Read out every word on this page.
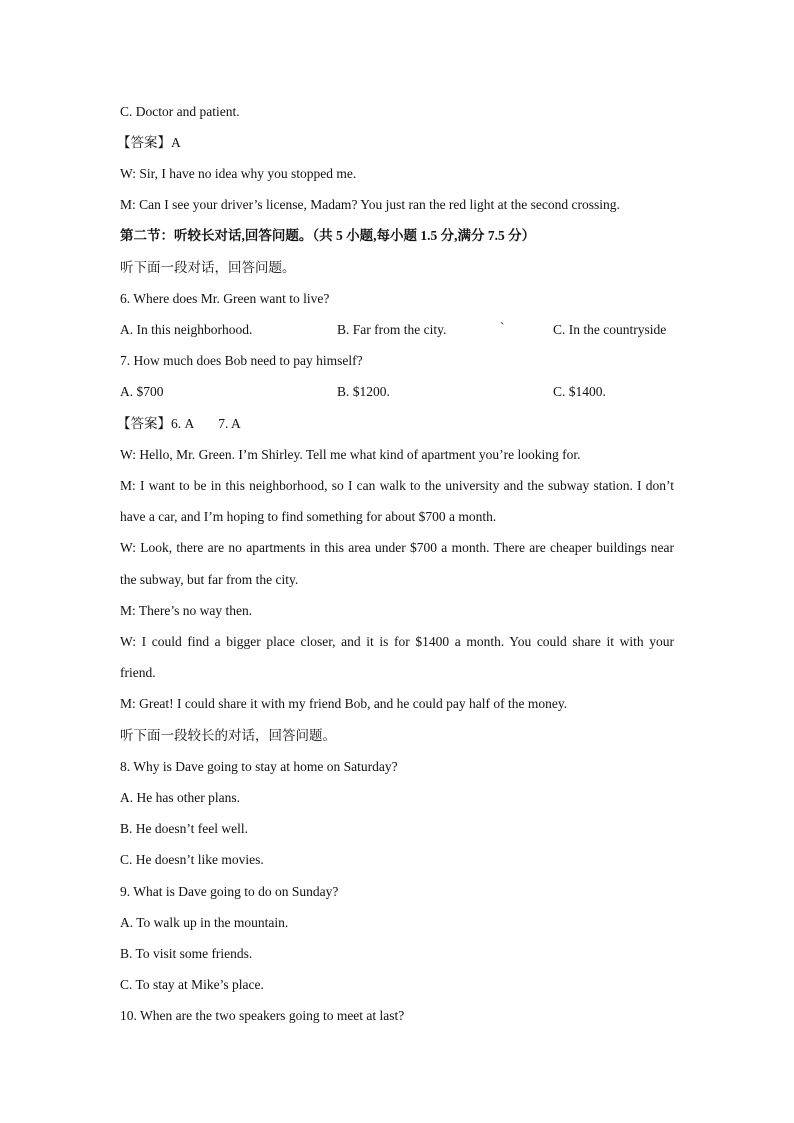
C. Doctor and patient.
【答案】A
W: Sir, I have no idea why you stopped me.
M: Can I see your driver’s license, Madam? You just ran the red light at the second crossing.
第二节：听较长对话,回答问题。（共 5 小题,每小题 1.5 分,满分 7.5 分）
听下面一段对话，回答问题。
6. Where does Mr. Green want to live?
A. In this neighborhood.	B. Far from the city.	`	C. In the countryside
7. How much does Bob need to pay himself?
A. $700	B. $1200.	C. $1400.
【答案】6. A 7. A
W: Hello, Mr. Green. I’m Shirley. Tell me what kind of apartment you’re looking for.
M: I want to be in this neighborhood, so I can walk to the university and the subway station. I don’t
have a car, and I’m hoping to find something for about $700 a month.
W: Look, there are no apartments in this area under $700 a month. There are cheaper buildings near
the subway, but far from the city.
M: There’s no way then.
W: I could find a bigger place closer, and it is for $1400 a month. You could share it with your
friend.
M: Great! I could share it with my friend Bob, and he could pay half of the money.
听下面一段较长的对话，回答问题。
8. Why is Dave going to stay at home on Saturday?
A. He has other plans.
B. He doesn’t feel well.
C. He doesn’t like movies.
9. What is Dave going to do on Sunday?
A. To walk up in the mountain.
B. To visit some friends.
C. To stay at Mike’s place.
10. When are the two speakers going to meet at last?
